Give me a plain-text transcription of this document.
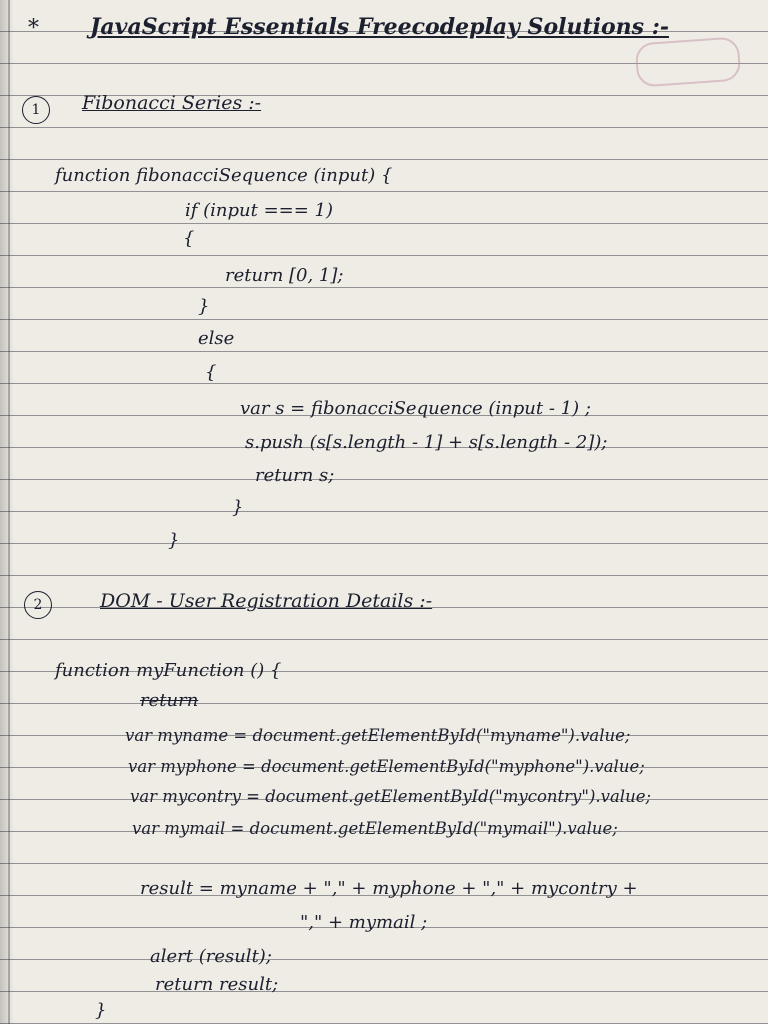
* JavaScript Essentials Freecodeplay Solutions :-
1	Fibonacci Series :-
function fibonacciSequence (input) {
if (input === 1)
{
return [0, 1];
}
else
{
var s = fibonacciSequence (input - 1) ;
s.push (s[s.length - 1] + s[s.length - 2]);
return s;
}
}
2	DOM - User Registration Details :-
function myFunction () {
return
var myname = document.getElementById("myname").value;
var myphone = document.getElementById("myphone").value;
var mycontry = document.getElementById("mycontry").value;
var mymail = document.getElementById("mymail").value;
result = myname + "," + myphone + "," + mycontry +
"," + mymail ;
alert (result);
return result;
}
